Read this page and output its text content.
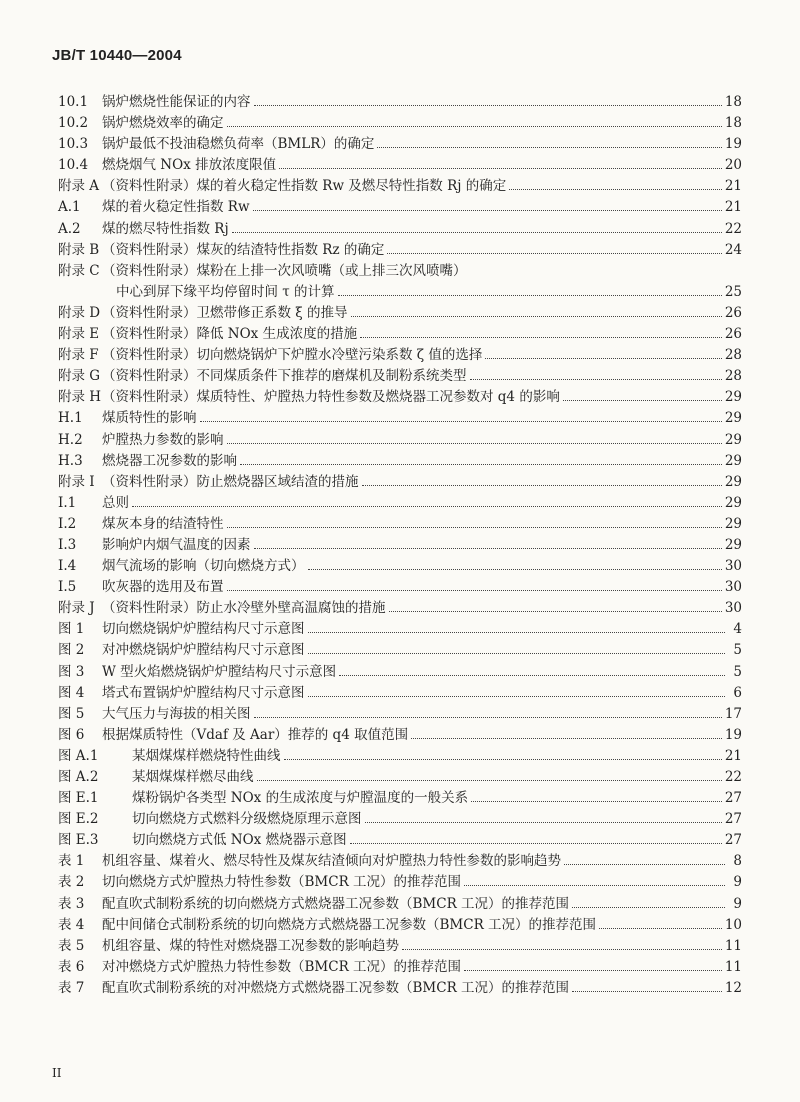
JB/T 10440—2004
10.1	锅炉燃烧性能保证的内容	18
10.2	锅炉燃烧效率的确定	18
10.3	锅炉最低不投油稳燃负荷率（BMLR）的确定	19
10.4	燃烧烟气 NOx 排放浓度限值	20
附录 A （资料性附录）煤的着火稳定性指数 Rw 及燃尽特性指数 Rj 的确定	21
A.1	煤的着火稳定性指数 Rw	21
A.2	煤的燃尽特性指数 Rj	22
附录 B （资料性附录）煤灰的结渣特性指数 Rz 的确定	24
附录 C （资料性附录）煤粉在上排一次风喷嘴（或上排三次风喷嘴）
中心到屏下缘平均停留时间 τ 的计算	25
附录 D （资料性附录）卫燃带修正系数 ξ 的推导	26
附录 E （资料性附录）降低 NOx 生成浓度的措施	26
附录 F （资料性附录）切向燃烧锅炉下炉膛水冷壁污染系数 ζ 值的选择	28
附录 G （资料性附录）不同煤质条件下推荐的磨煤机及制粉系统类型	28
附录 H （资料性附录）煤质特性、炉膛热力特性参数及燃烧器工况参数对 q4 的影响	29
H.1	煤质特性的影响	29
H.2	炉膛热力参数的影响	29
H.3	燃烧器工况参数的影响	29
附录 I （资料性附录）防止燃烧器区域结渣的措施	29
I.1	总则	29
I.2	煤灰本身的结渣特性	29
I.3	影响炉内烟气温度的因素	29
I.4	烟气流场的影响（切向燃烧方式）	30
I.5	吹灰器的选用及布置	30
附录 J （资料性附录）防止水冷壁外壁高温腐蚀的措施	30
图 1	切向燃烧锅炉炉膛结构尺寸示意图	4
图 2	对冲燃烧锅炉炉膛结构尺寸示意图	5
图 3	W 型火焰燃烧锅炉炉膛结构尺寸示意图	5
图 4	塔式布置锅炉炉膛结构尺寸示意图	6
图 5	大气压力与海拔的相关图	17
图 6	根据煤质特性（Vdaf 及 Aar）推荐的 q4 取值范围	19
图 A.1	某烟煤煤样燃烧特性曲线	21
图 A.2	某烟煤煤样燃尽曲线	22
图 E.1	煤粉锅炉各类型 NOx 的生成浓度与炉膛温度的一般关系	27
图 E.2	切向燃烧方式燃料分级燃烧原理示意图	27
图 E.3	切向燃烧方式低 NOx 燃烧器示意图	27
表 1	机组容量、煤着火、燃尽特性及煤灰结渣倾向对炉膛热力特性参数的影响趋势	8
表 2	切向燃烧方式炉膛热力特性参数（BMCR 工况）的推荐范围	9
表 3	配直吹式制粉系统的切向燃烧方式燃烧器工况参数（BMCR 工况）的推荐范围	9
表 4	配中间储仓式制粉系统的切向燃烧方式燃烧器工况参数（BMCR 工况）的推荐范围	10
表 5	机组容量、煤的特性对燃烧器工况参数的影响趋势	11
表 6	对冲燃烧方式炉膛热力特性参数（BMCR 工况）的推荐范围	11
表 7	配直吹式制粉系统的对冲燃烧方式燃烧器工况参数（BMCR 工况）的推荐范围	12
II
